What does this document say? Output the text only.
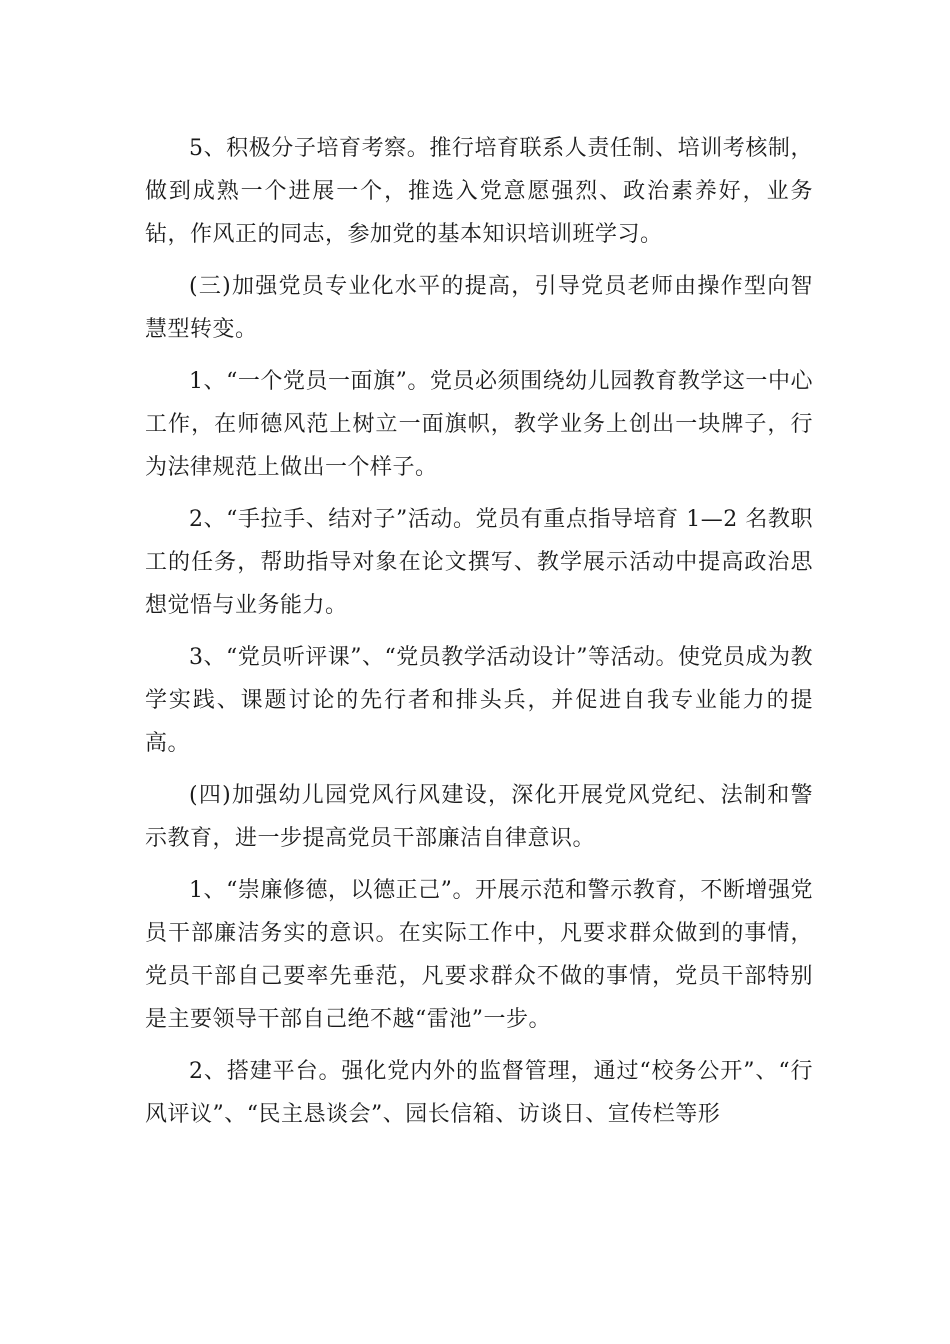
5、积极分子培育考察。推行培育联系人责任制、培训考核制，做到成熟一个进展一个，推选入党意愿强烈、政治素养好，业务钻，作风正的同志，参加党的基本知识培训班学习。

(三)加强党员专业化水平的提高，引导党员老师由操作型向智慧型转变。

1、“一个党员一面旗”。党员必须围绕幼儿园教育教学这一中心工作，在师德风范上树立一面旗帜，教学业务上创出一块牌子，行为法律规范上做出一个样子。

2、“手拉手、结对子”活动。党员有重点指导培育 1—2 名教职工的任务，帮助指导对象在论文撰写、教学展示活动中提高政治思想觉悟与业务能力。

3、“党员听评课”、“党员教学活动设计”等活动。使党员成为教学实践、课题讨论的先行者和排头兵，并促进自我专业能力的提高。

(四)加强幼儿园党风行风建设，深化开展党风党纪、法制和警示教育，进一步提高党员干部廉洁自律意识。

1、“崇廉修德，以德正己”。开展示范和警示教育，不断增强党员干部廉洁务实的意识。在实际工作中，凡要求群众做到的事情，党员干部自己要率先垂范，凡要求群众不做的事情，党员干部特别是主要领导干部自己绝不越“雷池”一步。

2、搭建平台。强化党内外的监督管理，通过“校务公开”、“行风评议”、“民主恳谈会”、园长信箱、访谈日、宣传栏等形
